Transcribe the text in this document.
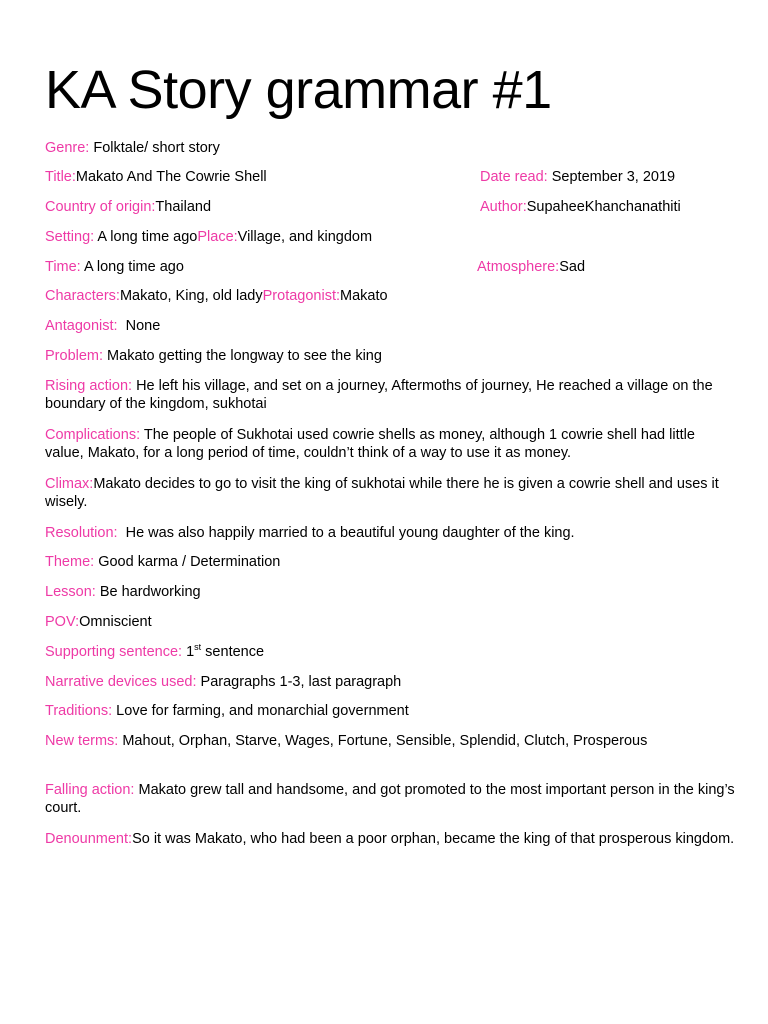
KA Story grammar #1
Genre: Folktale/ short story
Title:Makato And The Cowrie Shell	Date read: September 3, 2019
Country of origin:Thailand	Author:SupaheeKhanchanathiti
Setting: A long time agoPlace:Village, and kingdom
Time: A long time ago	Atmosphere:Sad
Characters:Makato, King, old ladyProtagonist:Makato
Antagonist:  None
Problem: Makato getting the longway to see the king
Rising action: He left his village, and set on a journey, Aftermoths of journey, He reached a village on the boundary of the kingdom, sukhotai
Complications: The people of Sukhotai used cowrie shells as money, although 1 cowrie shell had little value, Makato, for a long period of time, couldn’t think of a way to use it as money.
Climax:Makato decides to go to visit the king of sukhotai while there he is given a cowrie shell and uses it wisely.
Resolution:  He was also happily married to a beautiful young daughter of the king.
Theme: Good karma / Determination
Lesson: Be hardworking
POV:Omniscient
Supporting sentence: 1st sentence
Narrative devices used: Paragraphs 1-3, last paragraph
Traditions: Love for farming, and monarchial government
New terms: Mahout, Orphan, Starve, Wages, Fortune, Sensible, Splendid, Clutch, Prosperous
Falling action: Makato grew tall and handsome, and got promoted to the most important person in the king’s court.
Denounment:So it was Makato, who had been a poor orphan, became the king of that prosperous kingdom.
